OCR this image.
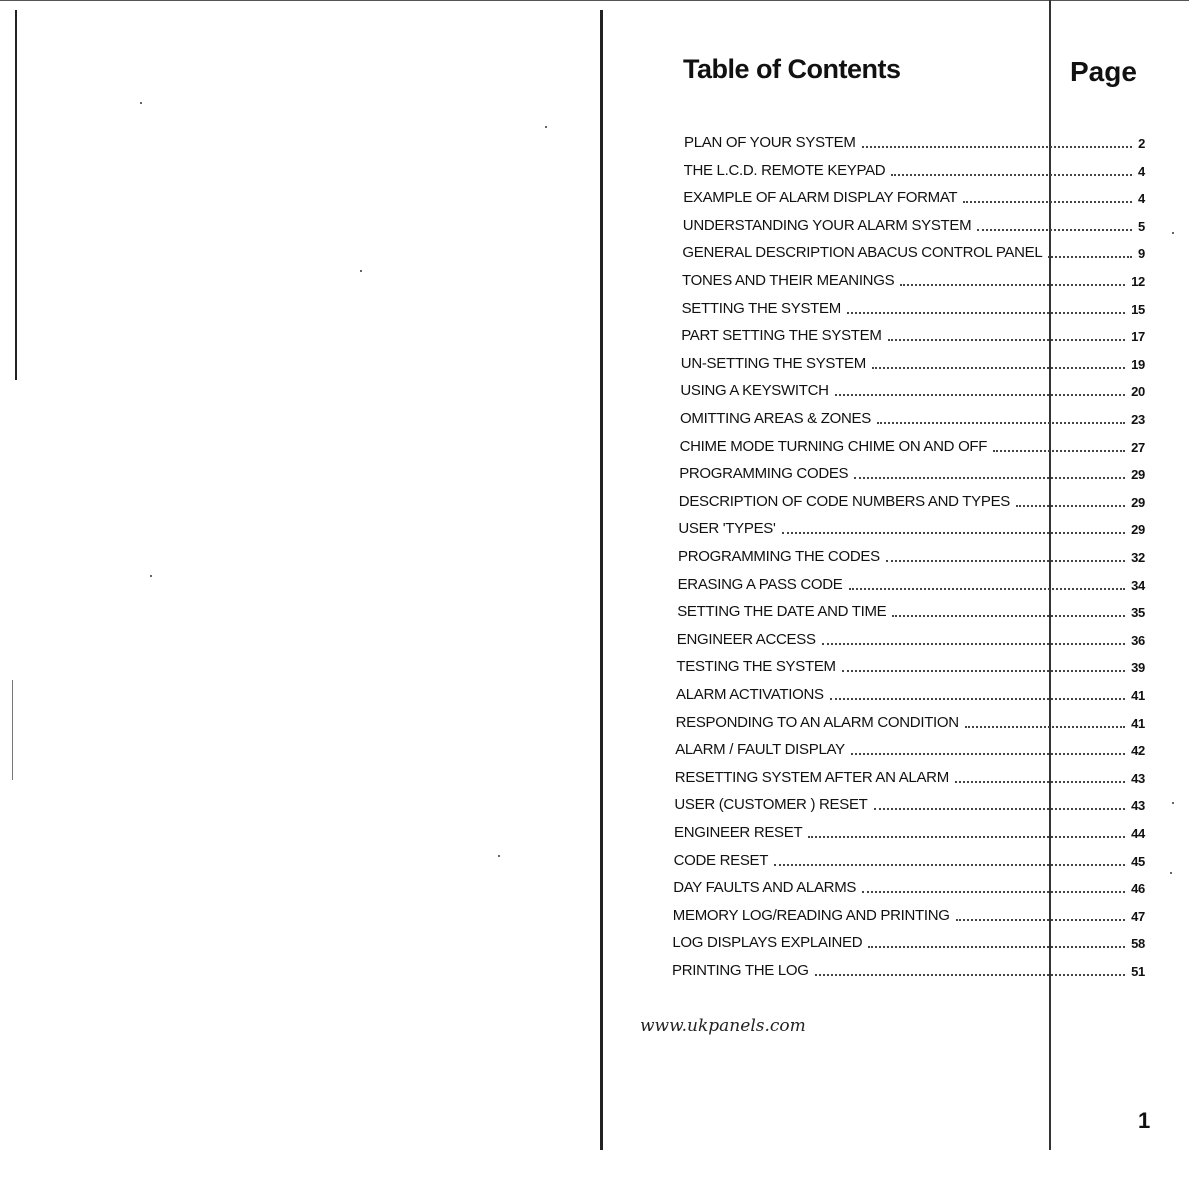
Table of Contents	Page
PLAN OF YOUR SYSTEM	2
THE L.C.D. REMOTE KEYPAD	4
EXAMPLE OF ALARM DISPLAY FORMAT	4
UNDERSTANDING YOUR ALARM SYSTEM	5
GENERAL DESCRIPTION ABACUS CONTROL PANEL	9
TONES AND THEIR MEANINGS	12
SETTING THE SYSTEM	15
PART SETTING THE SYSTEM	17
UN-SETTING THE SYSTEM	19
USING A KEYSWITCH	20
OMITTING AREAS & ZONES	23
CHIME MODE TURNING CHIME ON AND OFF	27
PROGRAMMING CODES	29
DESCRIPTION OF CODE NUMBERS AND TYPES	29
USER 'TYPES'	29
PROGRAMMING THE CODES	32
ERASING A PASS CODE	34
SETTING THE DATE AND TIME	35
ENGINEER ACCESS	36
TESTING THE SYSTEM	39
ALARM ACTIVATIONS	41
RESPONDING TO AN ALARM CONDITION	41
ALARM / FAULT DISPLAY	42
RESETTING SYSTEM AFTER AN ALARM	43
USER (CUSTOMER ) RESET	43
ENGINEER RESET	44
CODE RESET	45
DAY FAULTS AND ALARMS	46
MEMORY LOG/READING AND PRINTING	47
LOG DISPLAYS EXPLAINED	58
PRINTING THE LOG	51
www.ukpanels.com
1
